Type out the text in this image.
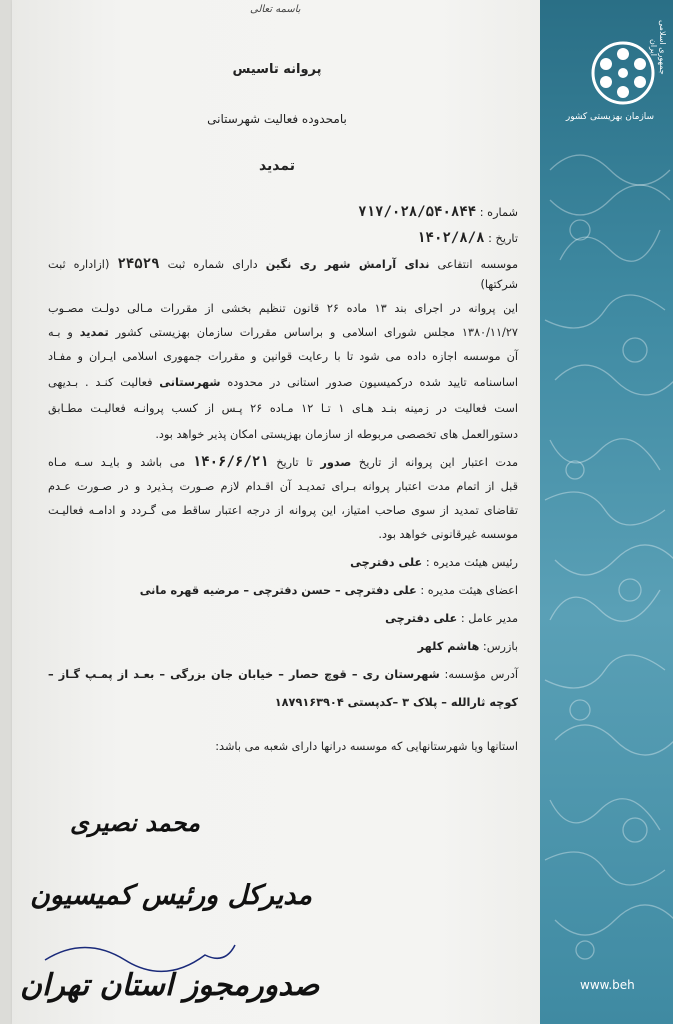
جمهوری اسلامی ایران
سازمان بهزیستی کشور
www.beh
باسمه تعالی
پروانه تاسیس
بامحدوده فعالیت شهرستانی
تمدید
شماره : ۷۱۷/۰۲۸/۵۴۰۸۴۴
تاریخ : ۱۴۰۲/۸/۸
موسسه انتفاعی ندای آرامش شهر ری نگین دارای شماره ثبت ۲۴۵۲۹ (ازاداره ثبت
شرکتها)
این پروانه در اجرای بند ۱۳ ماده ۲۶ قانون تنظیم بخشی از مقررات مـالی دولـت مصـوب
۱۳۸۰/۱۱/۲۷ مجلس شورای اسلامی و براساس مقررات سازمان بهزیستی کشور تمدید و بـه
آن موسسه اجازه داده می شود تا با رعایت قوانین و مقررات جمهوری اسلامی ایـران و مفـاد
اساسنامه تایید شده درکمیسیون صدور استانی در محدوده شهرستانی فعالیت کنـد . بـدیهی
است فعالیت در زمینه بنـد هـای ۱ تـا ۱۲ مـاده ۲۶ پـس از کسب پروانـه فعالیـت مطـابق
دستورالعمل های تخصصی مربوطه از سازمان بهزیستی امکان پذیر خواهد بود.
مدت اعتبار این پروانه از تاریخ صدور تا تاریخ ۱۴۰۶/۶/۲۱ می باشد و بایـد سـه مـاه
قبل از اتمام مدت اعتبار پروانه بـرای تمدیـد آن اقـدام لازم صـورت پـذیرد و در صـورت عـدم
تقاضای تمدید از سوی صاحب امتیاز، این پروانه از درجه اعتبار ساقط می گـردد و ادامـه فعالیـت
موسسه غیرقانونی خواهد بود.
رئیس هیئت مدیره : علی دفترچی
اعضای هیئت مدیره : علی دفترچی – حسن دفترچی – مرضیه قهره مانی
مدیر عامل : علی دفترچی
بازرس: هاشم کلهر
آدرس مؤسسه: شهرستان ری – قوچ حصار – خیابان جان بزرگی – بعـد از پمـپ گـاز –
کوچه ثارالله – پلاک ۳ –کدپستی ۱۸۷۹۱۶۳۹۰۴
استانها ویا شهرستانهایی که موسسه درانها دارای شعبه می باشد:
محمد نصیری
مدیرکل ورئیس کمیسیون
صدورمجوز استان تهران
